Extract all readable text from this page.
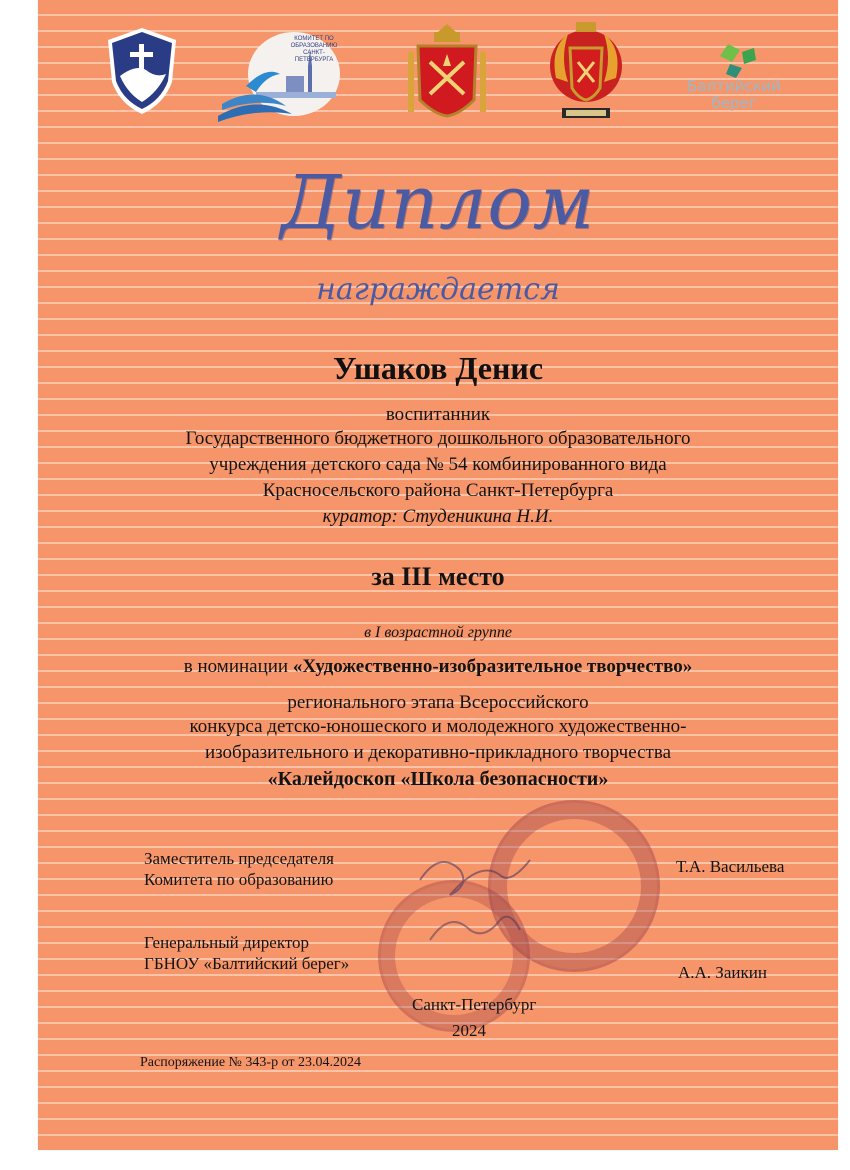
КОМИТЕТ ПО ОБРАЗОВАНИЮ САНКТ-ПЕТЕРБУРГА
Балтийский берег
Диплом
награждается
Ушаков Денис
воспитанник
Государственного бюджетного дошкольного образовательного
учреждения детского сада № 54 комбинированного вида
Красносельского района Санкт-Петербурга
куратор: Студеникина Н.И.
за III место
в I возрастной группе
в номинации «Художественно-изобразительное творчество»
регионального этапа Всероссийского
конкурса детско-юношеского и молодежного художественно-
изобразительного и декоративно-прикладного творчества
«Калейдоскоп «Школа безопасности»
Заместитель председателя
Комитета по образованию
Т.А. Васильева
Генеральный директор
ГБНОУ «Балтийский берег»	А.А. Заикин
Санкт-Петербург
2024
Распоряжение № 343-р от 23.04.2024
